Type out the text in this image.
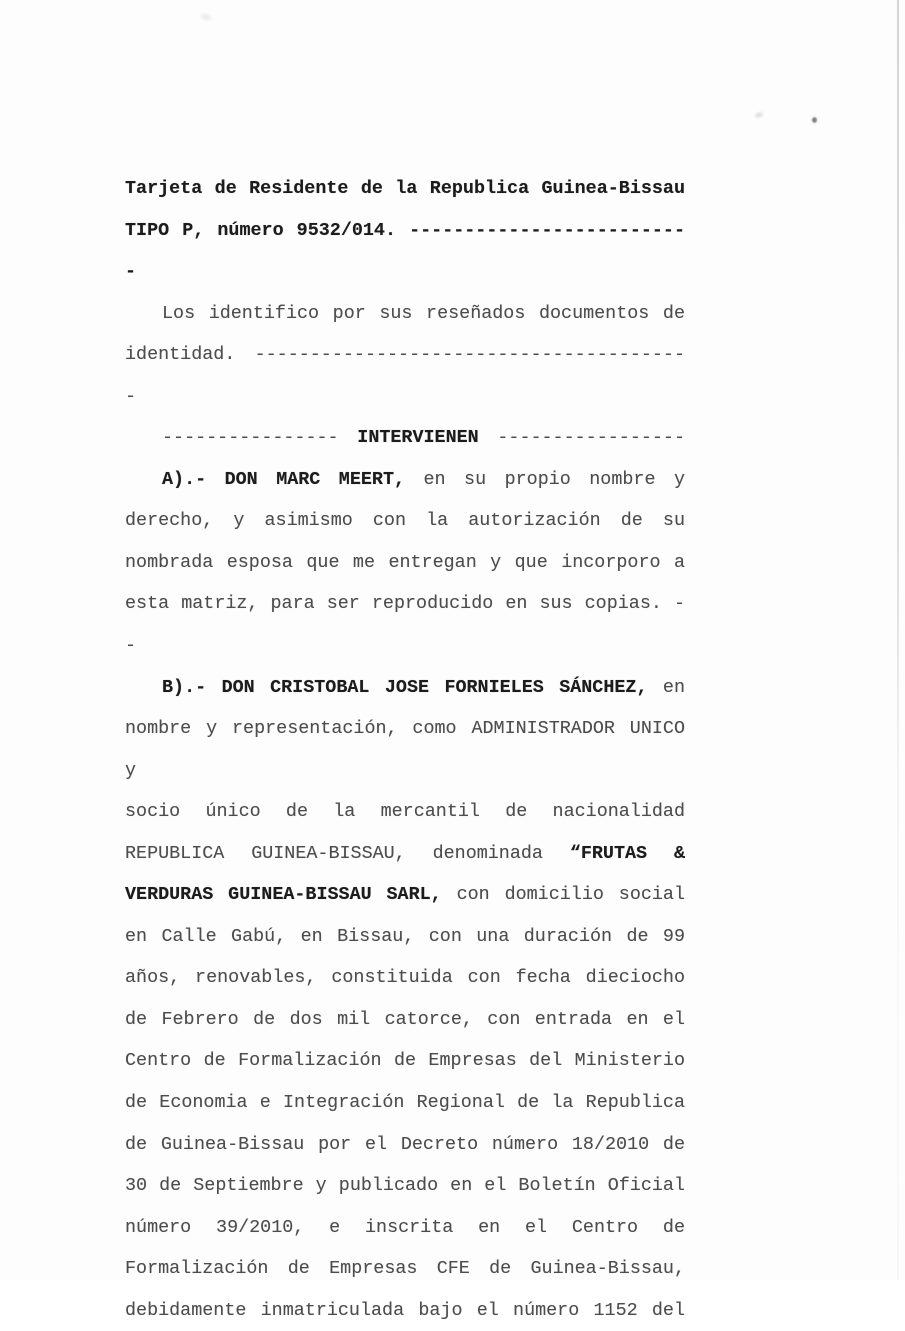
Tarjeta de Residente de la Republica Guinea-Bissau
TIPO P, número 9532/014. --------------------------
Los identifico por sus reseñados documentos de
identidad. ----------------------------------------
---------------- INTERVIENEN -----------------
A).- DON MARC MEERT, en su propio nombre y
derecho, y asimismo con la autorización de su
nombrada esposa que me entregan y que incorporo a
esta matriz, para ser reproducido en sus copias. --
B).- DON CRISTOBAL JOSE FORNIELES SÁNCHEZ, en
nombre y representación, como ADMINISTRADOR UNICO y
socio único de la mercantil de nacionalidad
REPUBLICA GUINEA-BISSAU, denominada “FRUTAS &
VERDURAS GUINEA-BISSAU SARL, con domicilio social
en Calle Gabú, en Bissau, con una duración de 99
años, renovables, constituida con fecha dieciocho
de Febrero de dos mil catorce, con entrada en el
Centro de Formalización de Empresas del Ministerio
de Economia e Integración Regional de la Republica
de Guinea-Bissau por el Decreto número 18/2010 de
30 de Septiembre y publicado en el Boletín Oficial
número 39/2010, e inscrita en el Centro de
Formalización de Empresas CFE de Guinea-Bissau,
debidamente inmatriculada bajo el número 1152 del
